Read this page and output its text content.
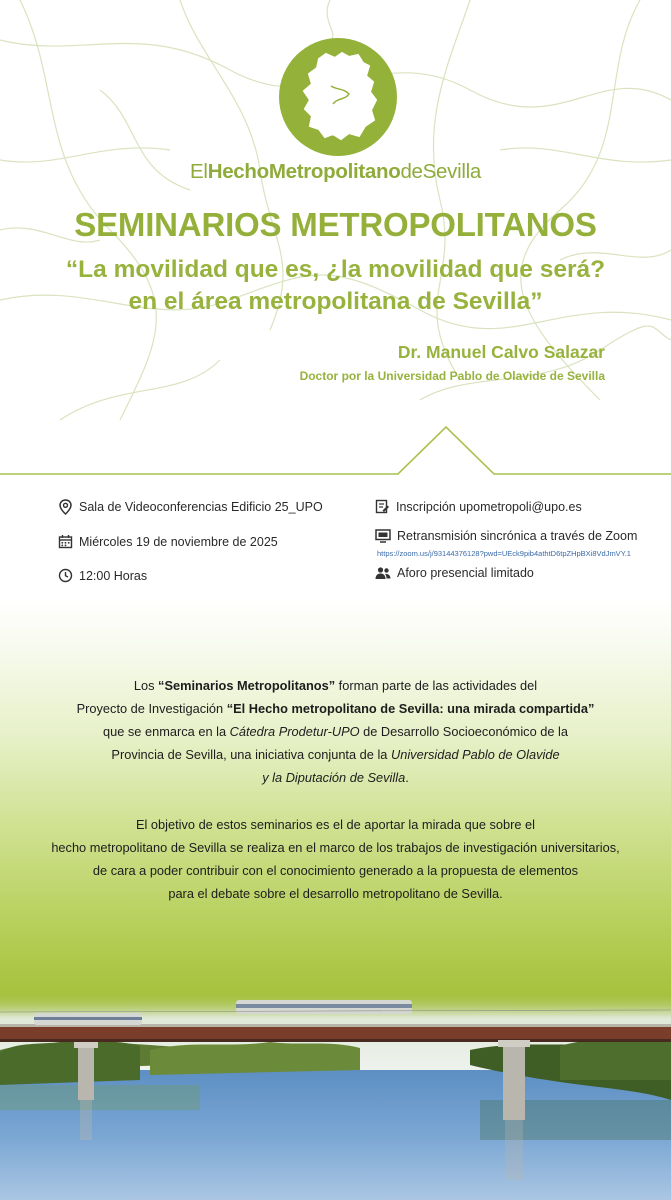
ElHechoMetropolitanodeSevilla
SEMINARIOS METROPOLITANOS
“La movilidad que es, ¿la movilidad que será?
en el área metropolitana de Sevilla”
Dr. Manuel Calvo Salazar
Doctor por la Universidad Pablo de Olavide de Sevilla
Sala de Videoconferencias Edificio 25_UPO
Miércoles 19 de noviembre de 2025
12:00 Horas
Inscripción upometropoli@upo.es
Retransmisión sincrónica a través de Zoom
https://zoom.us/j/93144376128?pwd=UEck9pib4athtD6tpZHpBXi8VdJmVY.1
Aforo presencial limitado
Los “Seminarios Metropolitanos” forman parte de las actividades del
Proyecto de Investigación “El Hecho metropolitano de Sevilla: una mirada compartida”
que se enmarca en la Cátedra Prodetur-UPO de Desarrollo Socioeconómico de la
Provincia de Sevilla, una iniciativa conjunta de la Universidad Pablo de Olavide
y la Diputación de Sevilla.
El objetivo de estos seminarios es el de aportar la mirada que sobre el
hecho metropolitano de Sevilla se realiza en el marco de los trabajos de investigación universitarios,
de cara a poder contribuir con el conocimiento generado a la propuesta de elementos
para el debate sobre el desarrollo metropolitano de Sevilla.
